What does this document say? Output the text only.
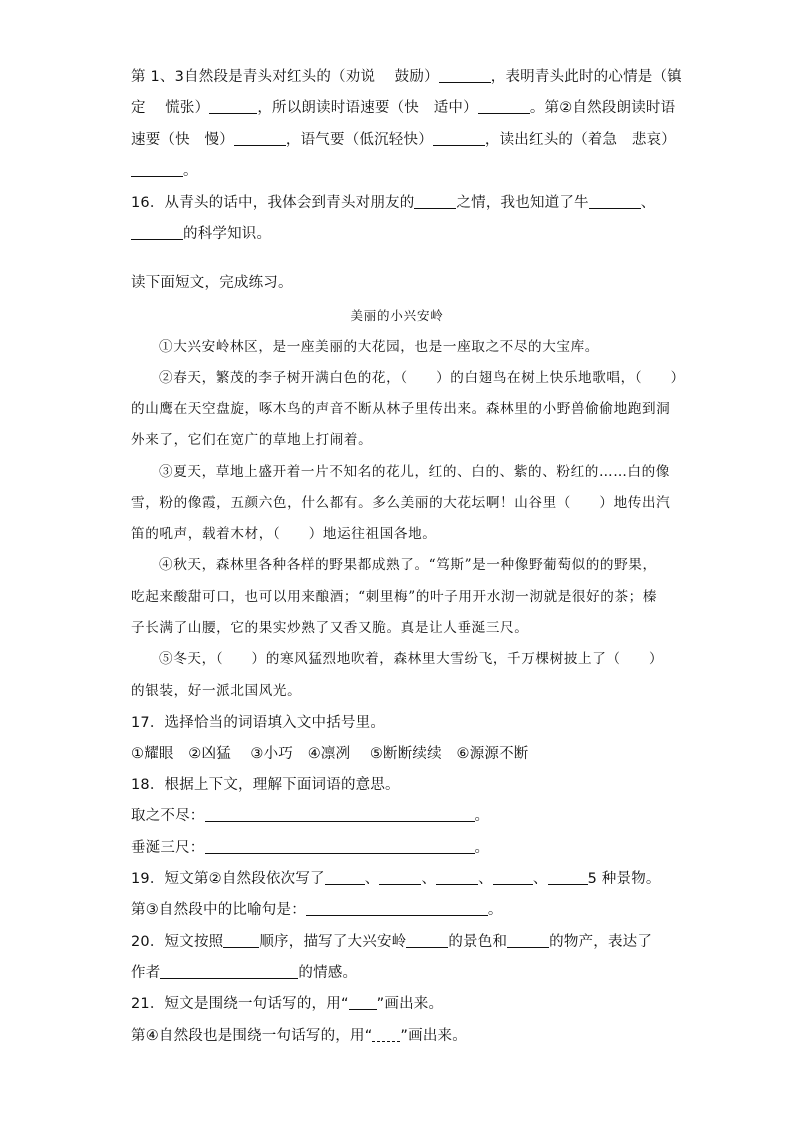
第 1、3自然段是青头对红头的（劝说　 鼓励）	，表明青头此时的心情是（镇
定　 慌张）	，所以朗读时语速要（快　适中）	。第②自然段朗读时语
速要（快　慢）	，语气要（低沉轻快）	，读出红头的（着急　悲哀）
。
16．从青头的话中，我体会到青头对朋友的	之情，我也知道了牛	、
的科学知识。
读下面短文，完成练习。
美丽的小兴安岭
①大兴安岭林区，是一座美丽的大花园，也是一座取之不尽的大宝库。
②春天，繁茂的李子树开满白色的花，（　　）的白翅鸟在树上快乐地歌唱，（　　）
的山鹰在天空盘旋，啄木鸟的声音不断从林子里传出来。森林里的小野兽偷偷地跑到洞
外来了，它们在宽广的草地上打闹着。
③夏天，草地上盛开着一片不知名的花儿，红的、白的、紫的、粉红的……白的像
雪，粉的像霞，五颜六色，什么都有。多么美丽的大花坛啊！山谷里（　　）地传出汽
笛的吼声，载着木材，（　　）地运往祖国各地。
④秋天，森林里各种各样的野果都成熟了。“笃斯”是一种像野葡萄似的的野果，
吃起来酸甜可口，也可以用来酿酒；“刺里梅”的叶子用开水沏一沏就是很好的茶；榛
子长满了山腰，它的果实炒熟了又香又脆。真是让人垂涎三尺。
⑤冬天，（　　）的寒风猛烈地吹着，森林里大雪纷飞，千万棵树披上了（　　）
的银装，好一派北国风光。
17．选择恰当的词语填入文中括号里。
①耀眼　②凶猛　 ③小巧　④凛冽　 ⑤断断续续　⑥源源不断
18．根据上下文，理解下面词语的意思。
取之不尽：	。
垂涎三尺：	。
19．短文第②自然段依次写了	、	、	、	、	5 种景物。
第③自然段中的比喻句是：	。
20．短文按照 顺序，描写了大兴安岭	的景色和	的物产，表达了
作者	的情感。
21．短文是围绕一句话写的，用“ ”画出来。
第④自然段也是围绕一句话写的，用“ ”画出来。
